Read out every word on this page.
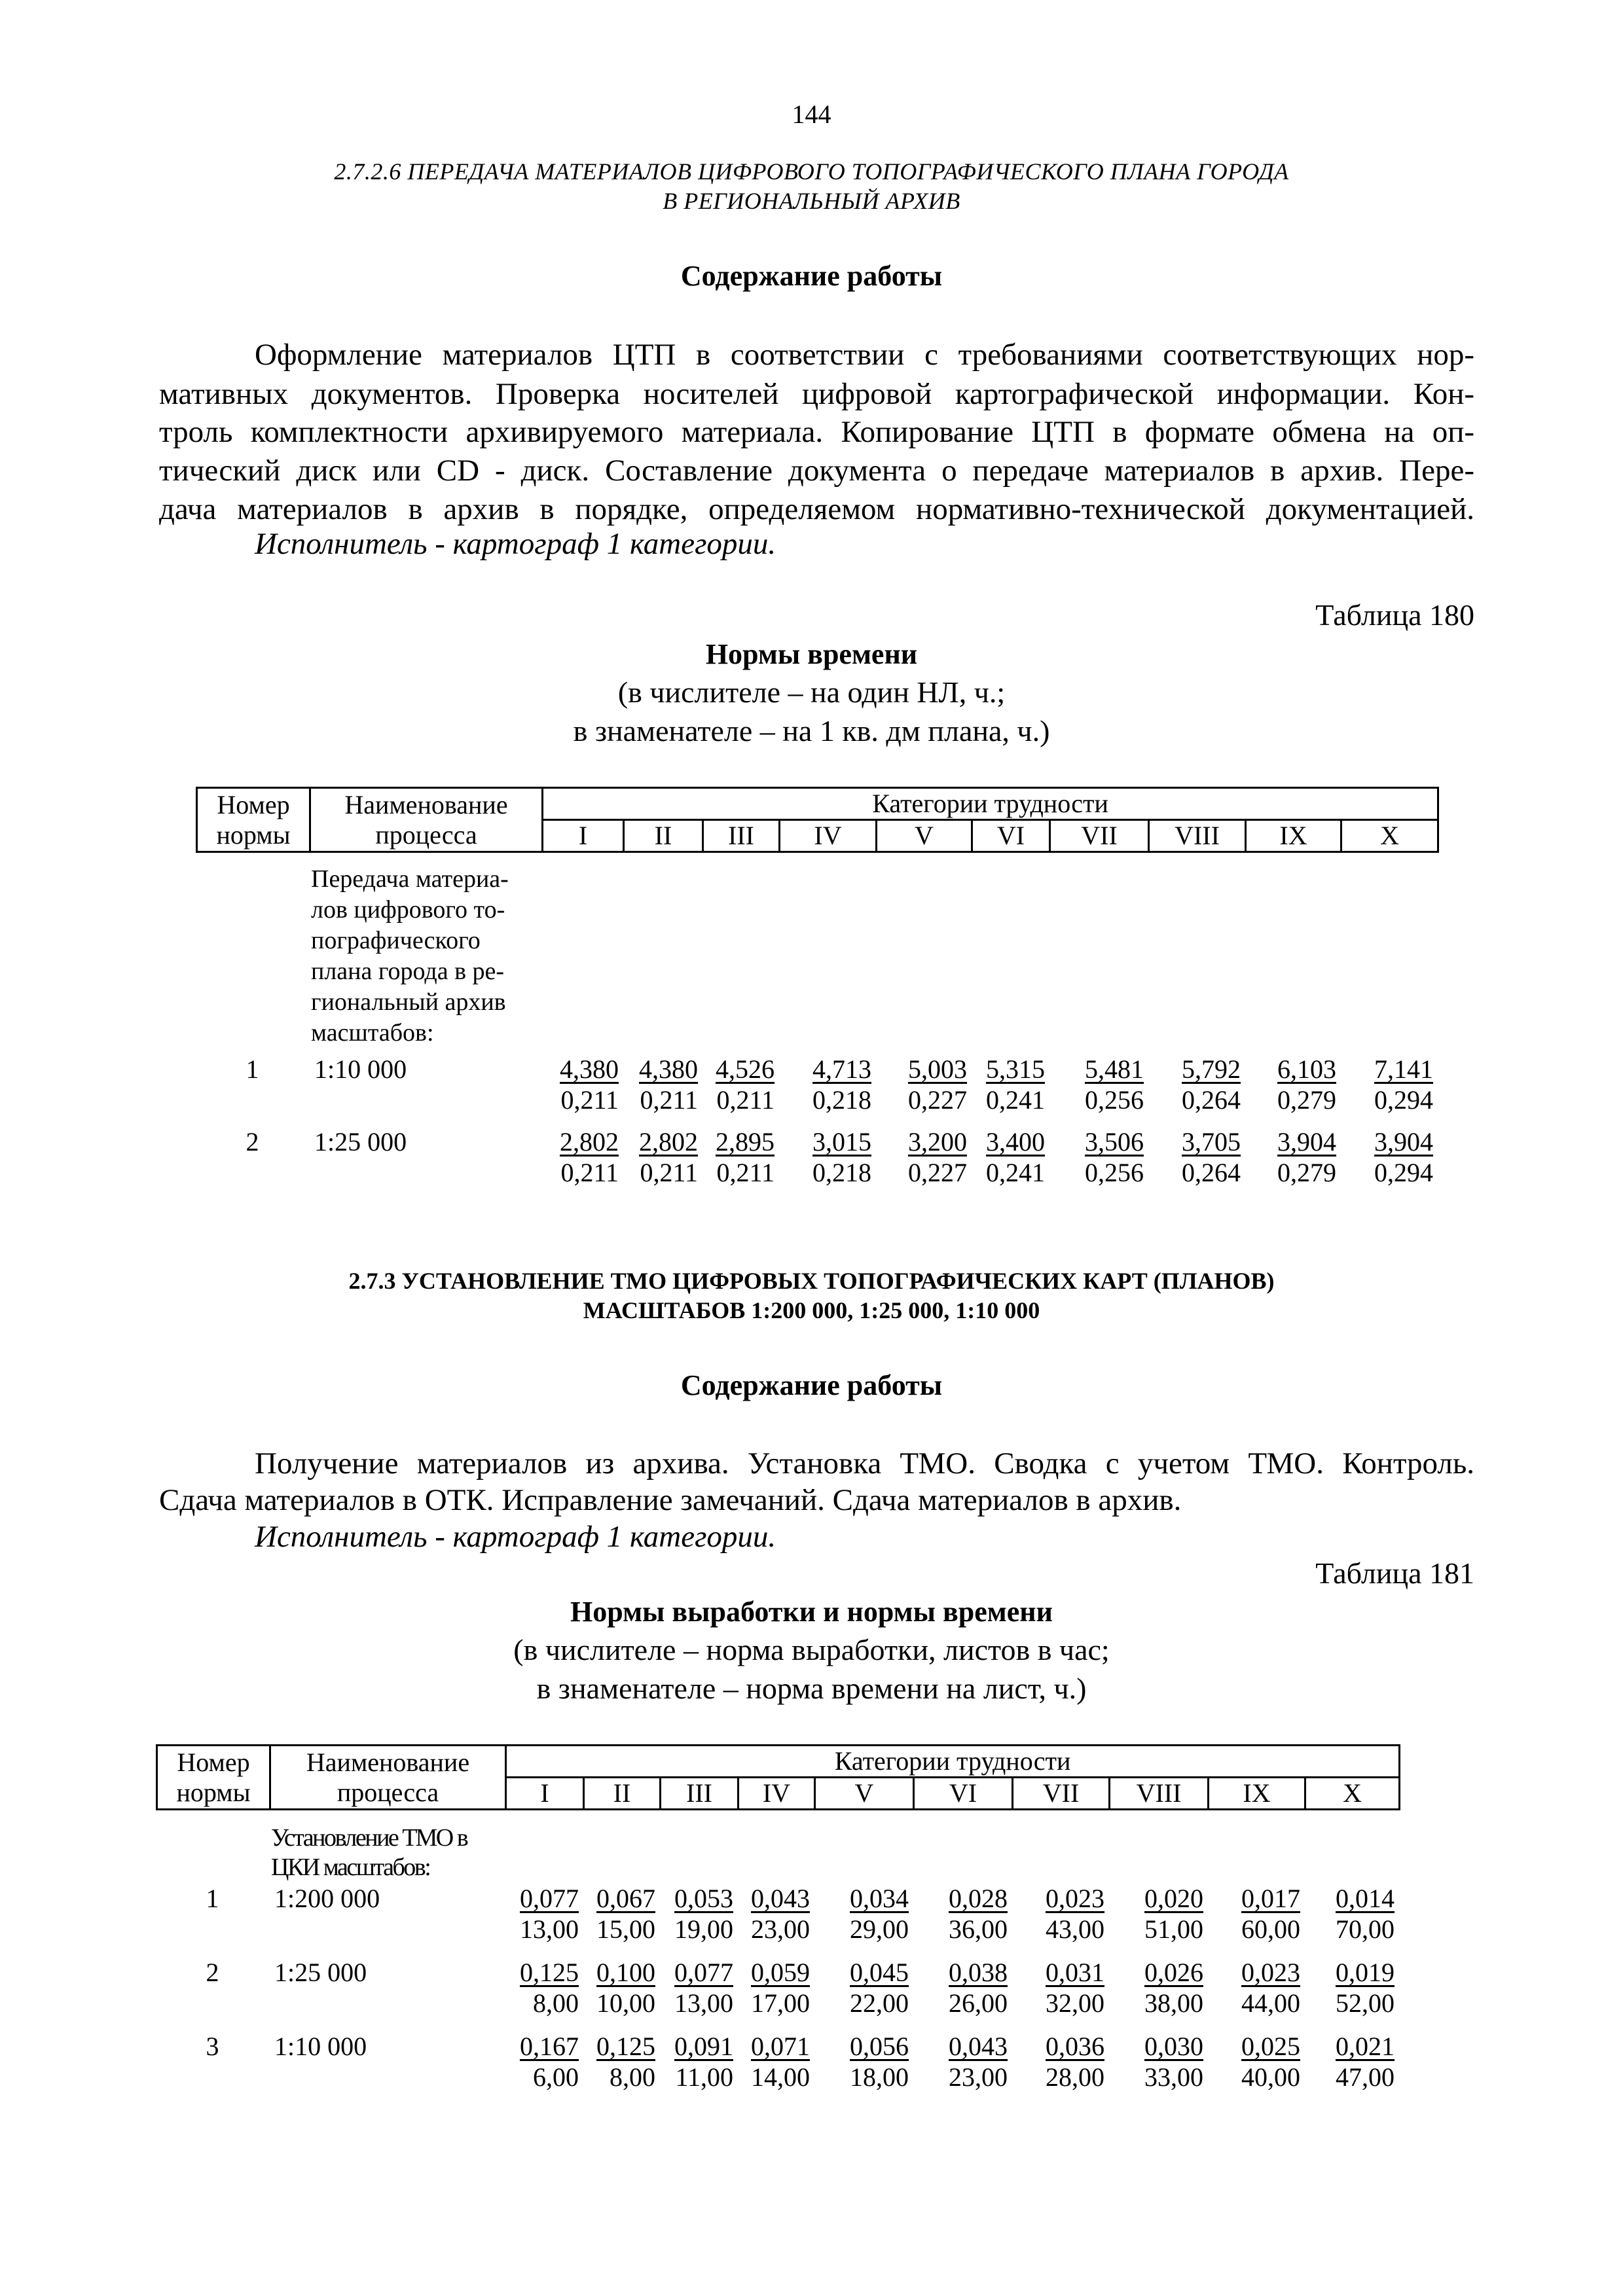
144
2.7.2.6 ПЕРЕДАЧА МАТЕРИАЛОВ ЦИФРОВОГО ТОПОГРАФИЧЕСКОГО ПЛАНА ГОРОДА
В РЕГИОНАЛЬНЫЙ АРХИВ
Содержание работы
Оформление материалов ЦТП в соответствии с требованиями соответствующих нор-
мативных документов. Проверка носителей цифровой картографической информации. Кон-
троль комплектности архивируемого материала. Копирование ЦТП в формате обмена на оп-
тический диск или CD - диск. Составление документа о передаче материалов в архив. Пере-
дача материалов в архив в порядке, определяемом нормативно-технической документацией.
Исполнитель - картограф 1 категории.
Таблица 180
Нормы времени
(в числителе – на один НЛ, ч.;
в знаменателе – на 1 кв. дм плана, ч.)
Номер
нормы	Наименование
процесса	Категории трудности									
		I	II	III	IV	V	VI	VII	VIII	IX	X
Передача материа-
лов цифрового то-
пографического
плана города в ре-
гиональный архив
масштабов:
1	1:10 000	4,380 4,380 4,526	4,713	5,003 5,315	5,481	5,792	6,103	7,141
0,211 0,211 0,211	0,218	0,227 0,241	0,256	0,264	0,279	0,294
2	1:25 000	2,802 2,802 2,895	3,015	3,200 3,400	3,506	3,705	3,904	3,904
0,211 0,211 0,211	0,218	0,227 0,241	0,256	0,264	0,279	0,294
2.7.3 УСТАНОВЛЕНИЕ ТМО ЦИФРОВЫХ ТОПОГРАФИЧЕСКИХ КАРТ (ПЛАНОВ)
МАСШТАБОВ 1:200 000, 1:25 000, 1:10 000
Содержание работы
Получение материалов из архива. Установка ТМО. Сводка с учетом ТМО. Контроль.
Сдача материалов в ОТК. Исправление замечаний. Сдача материалов в архив.
Исполнитель - картограф 1 категории.
Таблица 181
Нормы выработки и нормы времени
(в числителе – норма выработки, листов в час;
в знаменателе – норма времени на лист, ч.)
Номер
нормы	Наименование
процесса	Категории трудности									
		I	II	III	IV	V	VI	VII	VIII	IX	X
Установление ТМО в
ЦКИ масштабов:
1	1:200 000	0,077 0,067 0,053 0,043	0,034	0,028	0,023	0,020	0,017	0,014
13,00 15,00 19,00 23,00	29,00	36,00	43,00	51,00	60,00	70,00
2	1:25 000	0,125 0,100 0,077 0,059	0,045	0,038	0,031	0,026	0,023	0,019
8,00 10,00 13,00 17,00	22,00	26,00	32,00	38,00	44,00	52,00
3	1:10 000	0,167 0,125 0,091 0,071	0,056	0,043	0,036	0,030	0,025	0,021
6,00	8,00 11,00 14,00	18,00	23,00	28,00	33,00	40,00	47,00
